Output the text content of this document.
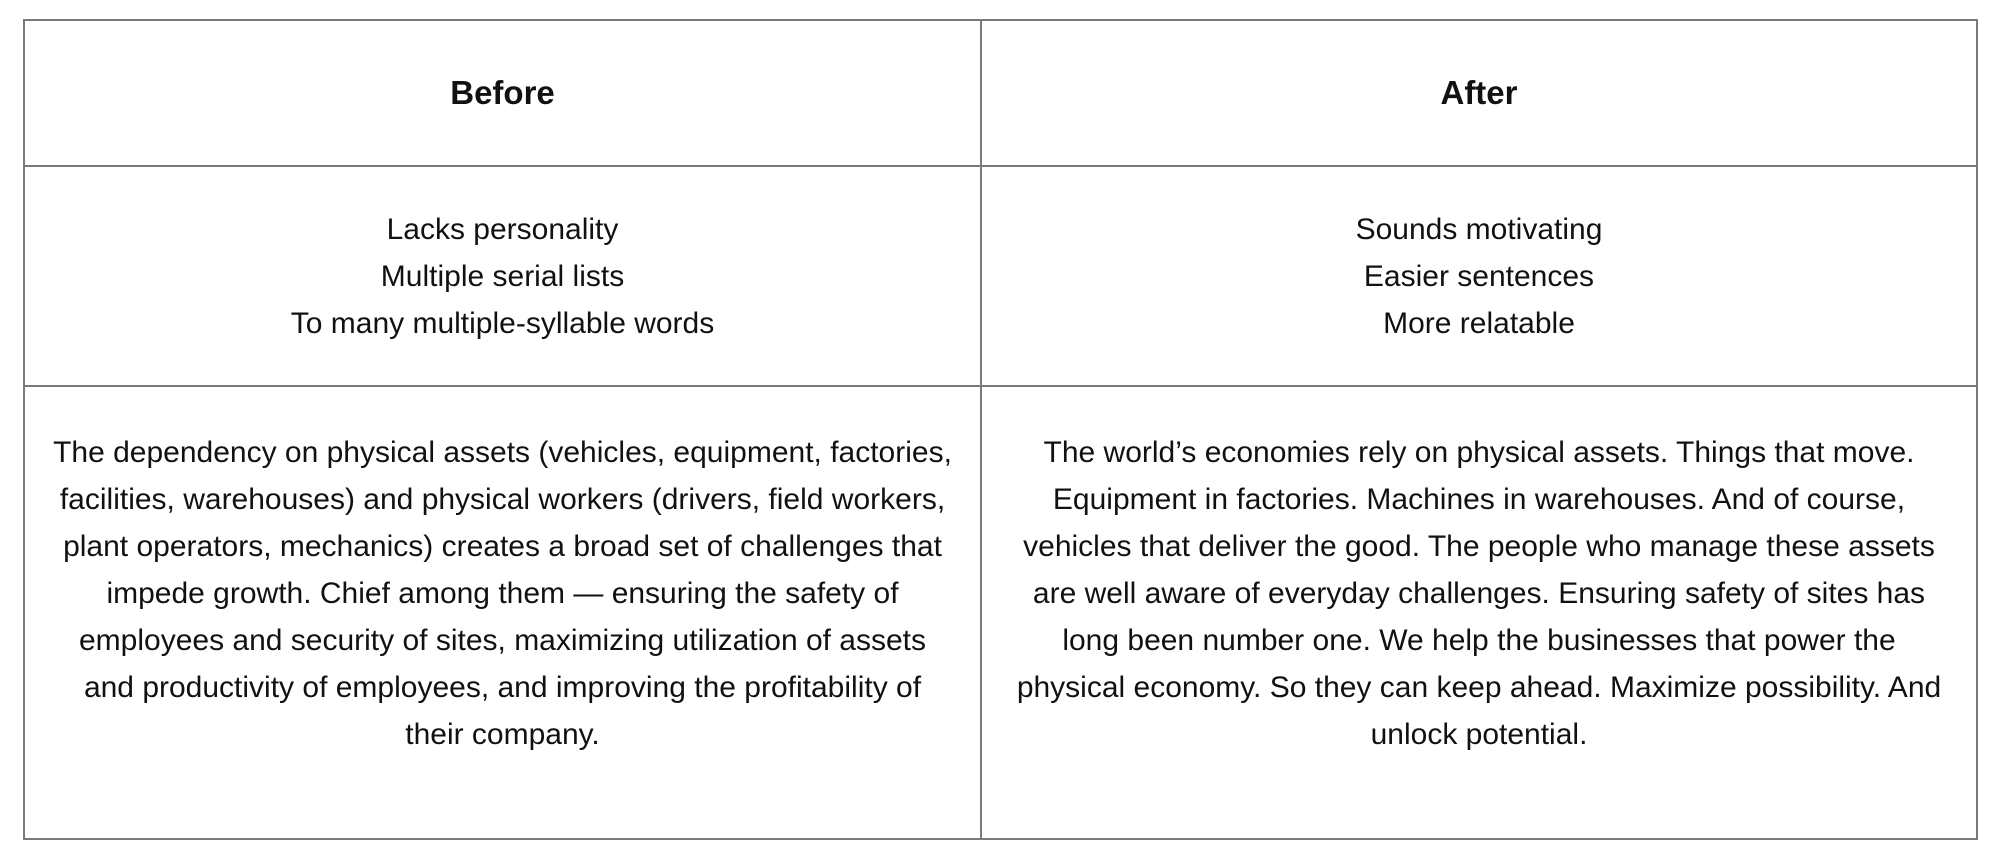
Before	After
Lacks personality
Multiple serial lists
To many multiple-syllable words
Sounds motivating
Easier sentences
More relatable

The dependency on physical assets (vehicles, equipment, factories, facilities, warehouses) and physical workers (drivers, field workers, plant operators, mechanics) creates a broad set of challenges that impede growth. Chief among them — ensuring the safety of employees and security of sites, maximizing utilization of assets and productivity of employees, and improving the profitability of their company.

The world’s economies rely on physical assets. Things that move. Equipment in factories. Machines in warehouses. And of course, vehicles that deliver the good. The people who manage these assets are well aware of everyday challenges. Ensuring safety of sites has long been number one. We help the businesses that power the physical economy. So they can keep ahead. Maximize possibility. And unlock potential.
